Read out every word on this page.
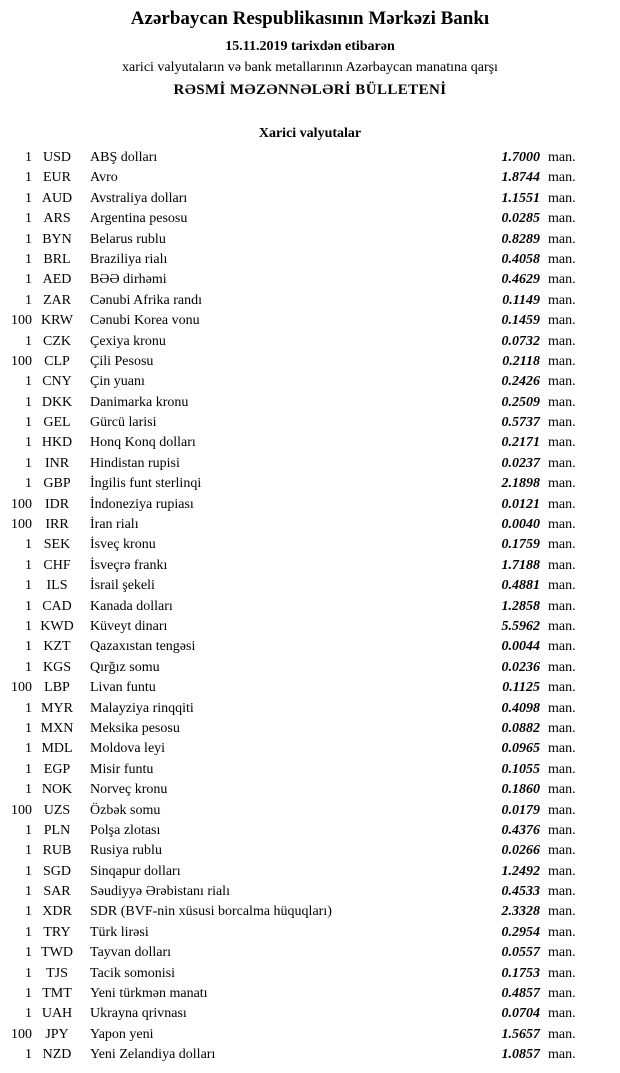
Azərbaycan Respublikasının Mərkəzi Bankı
15.11.2019 tarixdən etibarən
xarici valyutaların və bank metallarının Azərbaycan manatına qarşı
RƏSMİ MƏZƏNNƏLƏRİ BÜLLETENİ
Xarici valyutalar
1 USD	ABŞ dolları	1.7000 man.
1 EUR	Avro	1.8744 man.
1 AUD	Avstraliya dolları	1.1551 man.
1 ARS	Argentina pesosu	0.0285 man.
1 BYN	Belarus rublu	0.8289 man.
1 BRL	Braziliya rialı	0.4058 man.
1 AED	BƏƏ dirhəmi	0.4629 man.
1 ZAR	Cənubi Afrika randı	0.1149 man.
100 KRW	Cənubi Korea vonu	0.1459 man.
1 CZK	Çexiya kronu	0.0732 man.
100 CLP	Çili Pesosu	0.2118 man.
1 CNY	Çin yuanı	0.2426 man.
1 DKK	Danimarka kronu	0.2509 man.
1 GEL	Gürcü larisi	0.5737 man.
1 HKD	Honq Konq dolları	0.2171 man.
1 INR	Hindistan rupisi	0.0237 man.
1 GBP	İngilis funt sterlinqi	2.1898 man.
100 IDR	İndoneziya rupiası	0.0121 man.
100 IRR	İran rialı	0.0040 man.
1 SEK	İsveç kronu	0.1759 man.
1 CHF	İsveçrə frankı	1.7188 man.
1	ILS	İsrail şekeli	0.4881 man.
1 CAD	Kanada dolları	1.2858 man.
1 KWD	Küveyt dinarı	5.5962 man.
1 KZT	Qazaxıstan tengəsi	0.0044 man.
1 KGS	Qırğız somu	0.0236 man.
100 LBP	Livan funtu	0.1125 man.
1 MYR	Malayziya rinqqiti	0.4098 man.
1 MXN	Meksika pesosu	0.0882 man.
1 MDL	Moldova leyi	0.0965 man.
1 EGP	Misir funtu	0.1055 man.
1 NOK	Norveç kronu	0.1860 man.
100 UZS	Özbək somu	0.0179 man.
1 PLN	Polşa zlotası	0.4376 man.
1 RUB	Rusiya rublu	0.0266 man.
1 SGD	Sinqapur dolları	1.2492 man.
1 SAR	Səudiyyə Ərəbistanı rialı	0.4533 man.
1 XDR	SDR (BVF-nin xüsusi borcalma hüquqları)	2.3328 man.
1 TRY	Türk lirəsi	0.2954 man.
1 TWD	Tayvan dolları	0.0557 man.
1	TJS	Tacik somonisi	0.1753 man.
1 TMT	Yeni türkmən manatı	0.4857 man.
1 UAH	Ukrayna qrivnası	0.0704 man.
100 JPY	Yapon yeni	1.5657 man.
1 NZD	Yeni Zelandiya dolları	1.0857 man.
